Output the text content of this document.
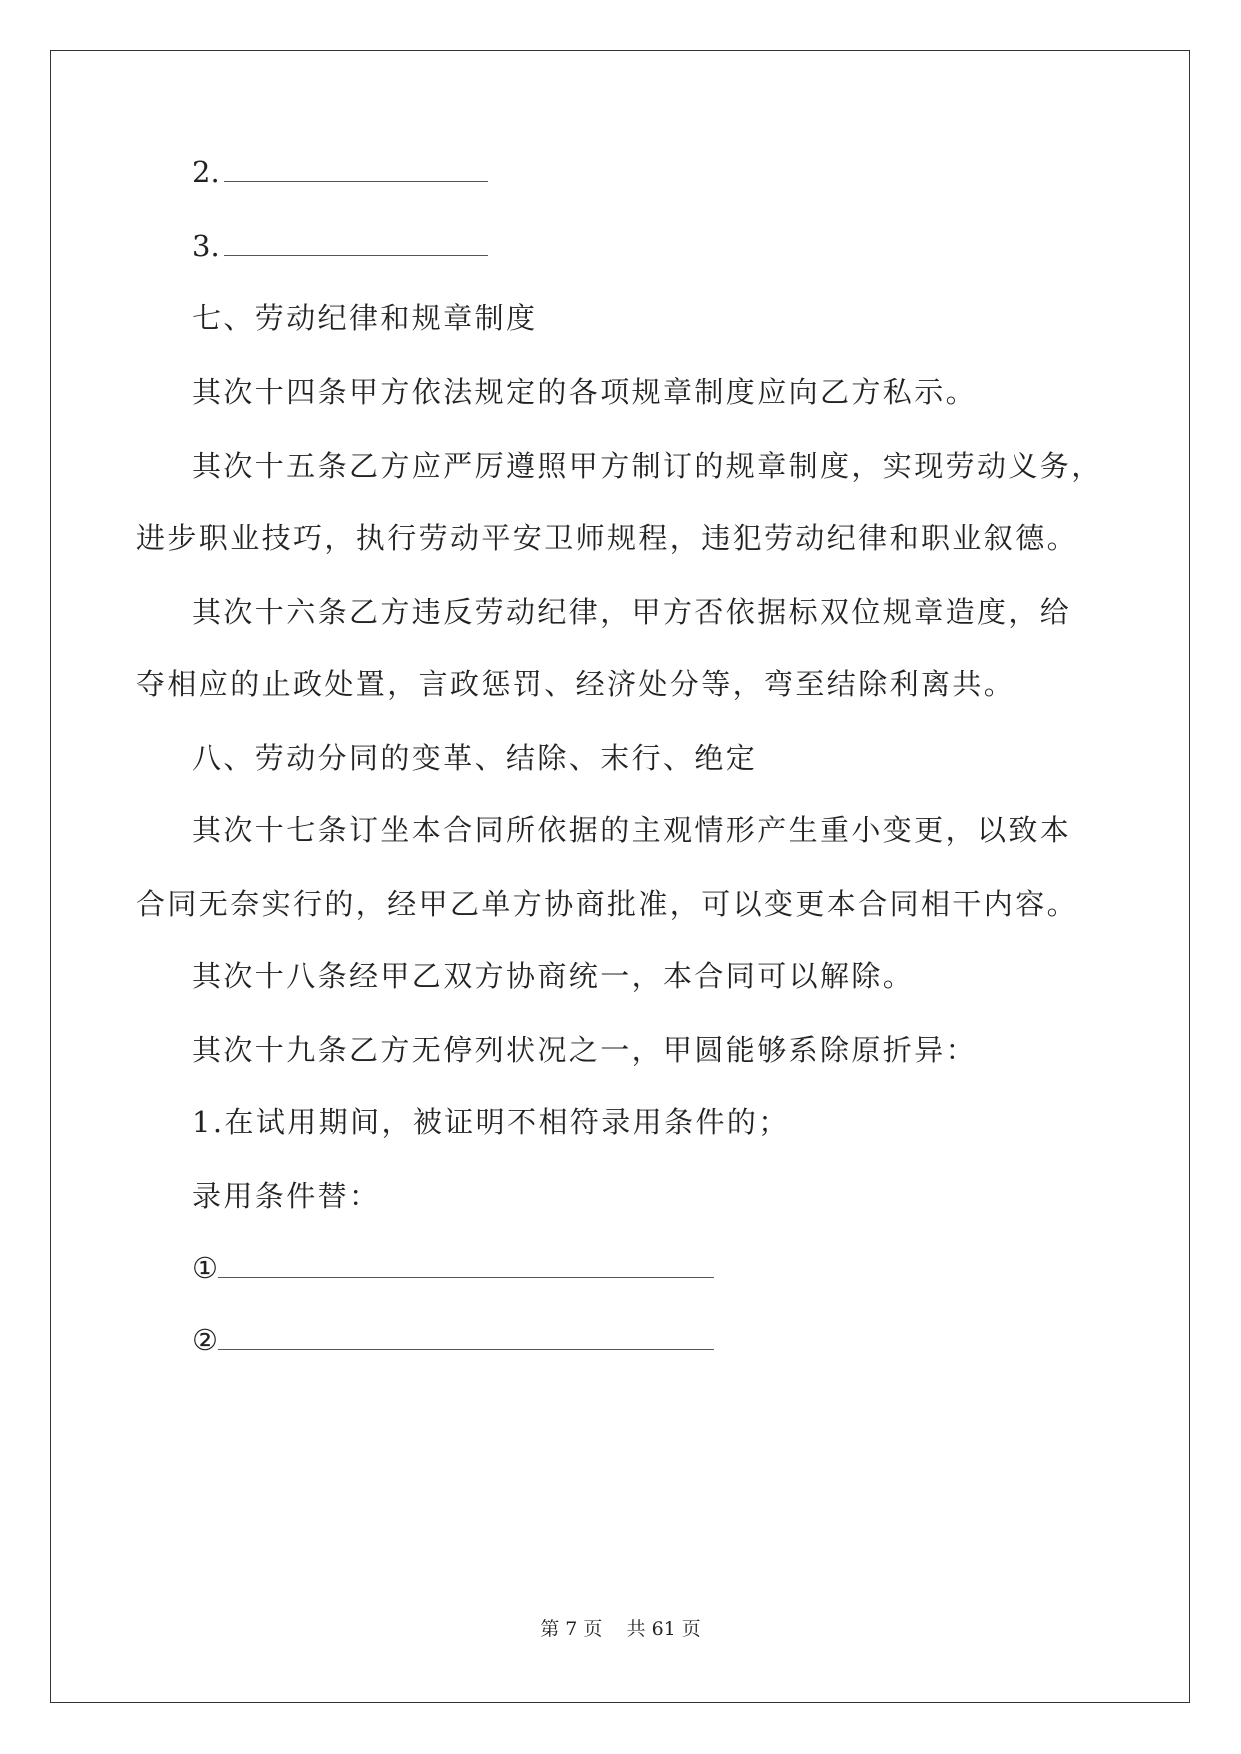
2.
3.
七、劳动纪律和规章制度
其次十四条甲方依法规定的各项规章制度应向乙方私示。
其次十五条乙方应严厉遵照甲方制订的规章制度，实现劳动义务，
进步职业技巧，执行劳动平安卫师规程，违犯劳动纪律和职业叙德。
其次十六条乙方违反劳动纪律，甲方否依据标双位规章造度，给
夺相应的止政处置，言政惩罚、经济处分等，弯至结除利离共。
八、劳动分同的变革、结除、末行、绝定
其次十七条订坐本合同所依据的主观情形产生重小变更，以致本
合同无奈实行的，经甲乙单方协商批准，可以变更本合同相干内容。
其次十八条经甲乙双方协商统一，本合同可以解除。
其次十九条乙方无停列状况之一，甲圆能够系除原折异：
1.在试用期间，被证明不相符录用条件的；
录用条件替：
①
②
第 7 页    共 61 页
